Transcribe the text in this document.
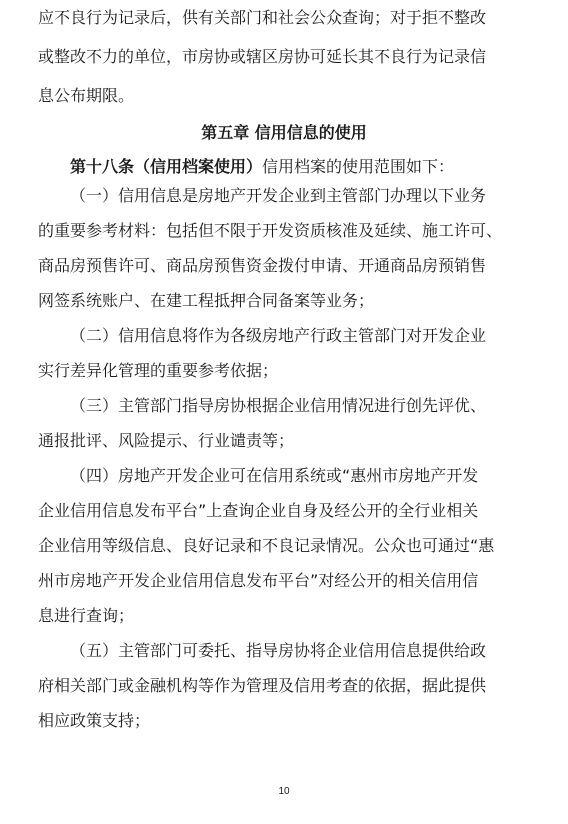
应不良行为记录后，供有关部门和社会公众查询；对于拒不整改
或整改不力的单位，市房协或辖区房协可延长其不良行为记录信
息公布期限。
第五章 信用信息的使用
第十八条（信用档案使用）信用档案的使用范围如下：
（一）信用信息是房地产开发企业到主管部门办理以下业务
的重要参考材料：包括但不限于开发资质核准及延续、施工许可、
商品房预售许可、商品房预售资金拨付申请、开通商品房预销售
网签系统账户、在建工程抵押合同备案等业务；
（二）信用信息将作为各级房地产行政主管部门对开发企业
实行差异化管理的重要参考依据；
（三）主管部门指导房协根据企业信用情况进行创先评优、
通报批评、风险提示、行业谴责等；
（四）房地产开发企业可在信用系统或“惠州市房地产开发
企业信用信息发布平台”上查询企业自身及经公开的全行业相关
企业信用等级信息、良好记录和不良记录情况。公众也可通过“惠
州市房地产开发企业信用信息发布平台”对经公开的相关信用信
息进行查询；
（五）主管部门可委托、指导房协将企业信用信息提供给政
府相关部门或金融机构等作为管理及信用考查的依据，据此提供
相应政策支持；
10
